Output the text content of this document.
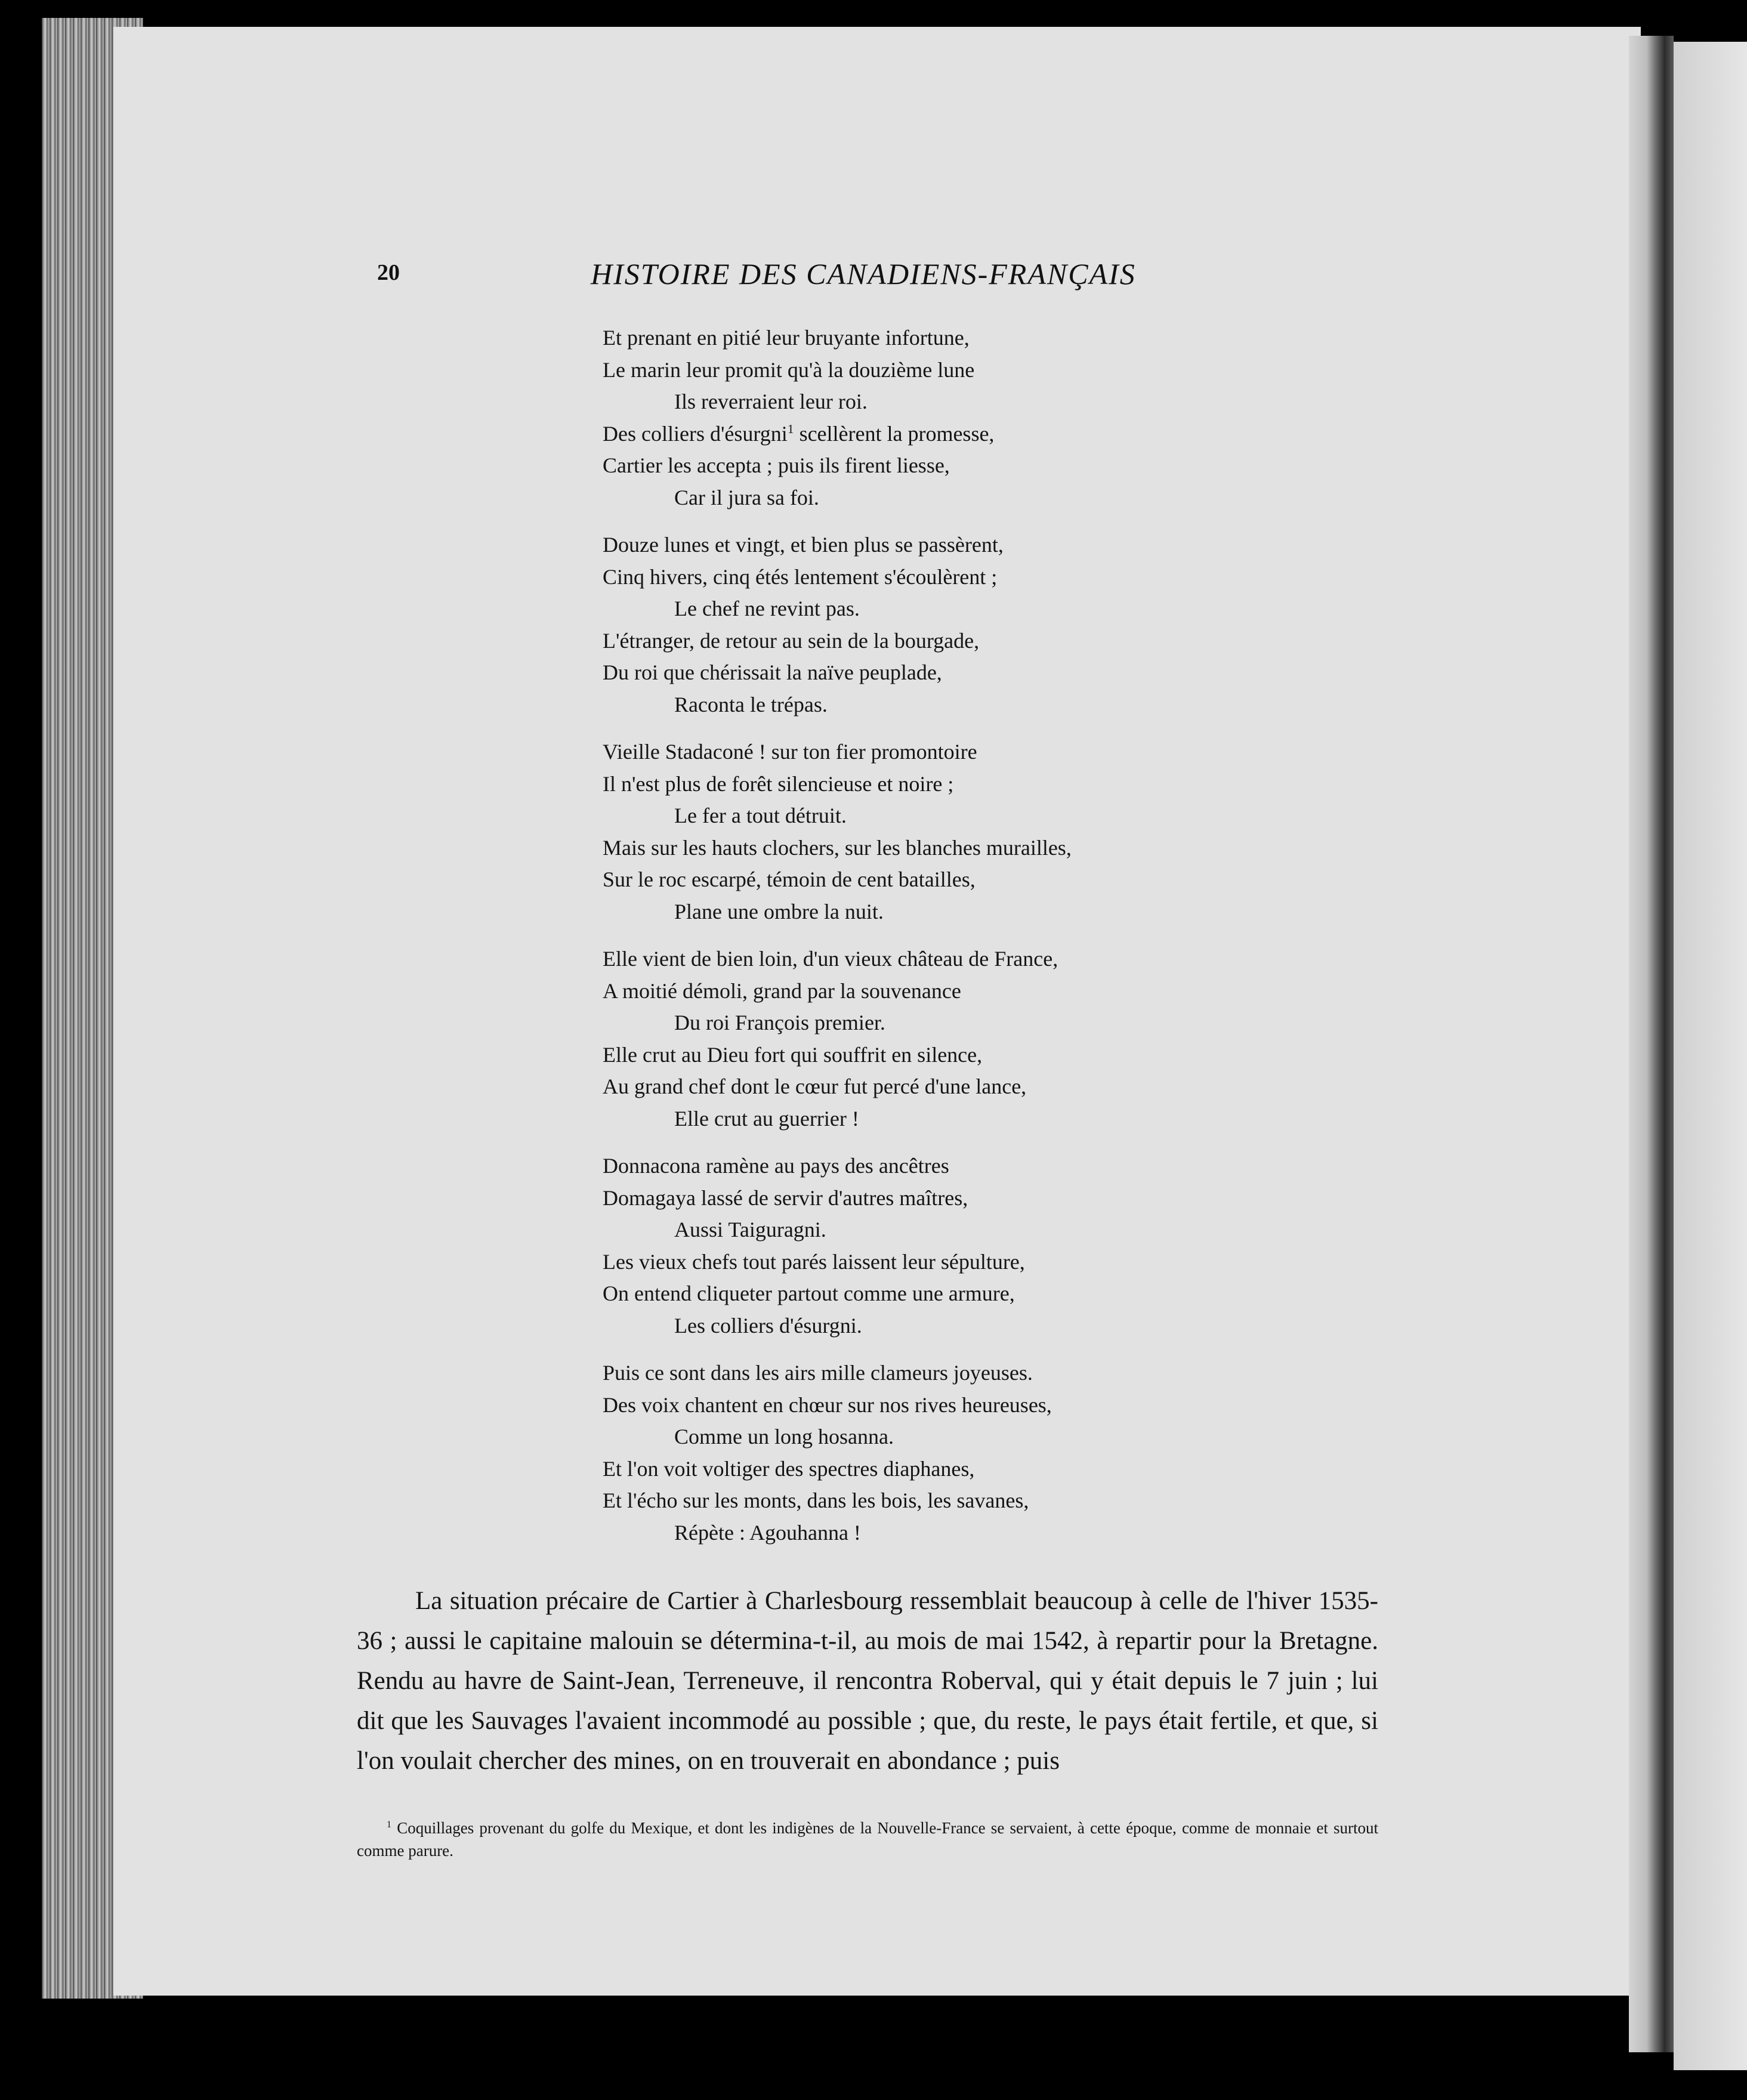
20	HISTOIRE DES CANADIENS-FRANÇAIS
Et prenant en pitié leur bruyante infortune,
Le marin leur promit qu'à la douzième lune
Ils reverraient leur roi.
Des colliers d'ésurgni$^1$ scellèrent la promesse,
Cartier les accepta ; puis ils firent liesse,
Car il jura sa foi.
Douze lunes et vingt, et bien plus se passèrent,
Cinq hivers, cinq étés lentement s'écoulèrent ;
Le chef ne revint pas.
L'étranger, de retour au sein de la bourgade,
Du roi que chérissait la naïve peuplade,
Raconta le trépas.
Vieille Stadaconé ! sur ton fier promontoire
Il n'est plus de forêt silencieuse et noire ;
Le fer a tout détruit.
Mais sur les hauts clochers, sur les blanches murailles,
Sur le roc escarpé, témoin de cent batailles,
Plane une ombre la nuit.
Elle vient de bien loin, d'un vieux château de France,
A moitié démoli, grand par la souvenance
Du roi François premier.
Elle crut au Dieu fort qui souffrit en silence,
Au grand chef dont le cœur fut percé d'une lance,
Elle crut au guerrier !
Donnacona ramène au pays des ancêtres
Domagaya lassé de servir d'autres maîtres,
Aussi Taiguragni.
Les vieux chefs tout parés laissent leur sépulture,
On entend cliqueter partout comme une armure,
Les colliers d'ésurgni.
Puis ce sont dans les airs mille clameurs joyeuses.
Des voix chantent en chœur sur nos rives heureuses,
Comme un long hosanna.
Et l'on voit voltiger des spectres diaphanes,
Et l'écho sur les monts, dans les bois, les savanes,
Répète : Agouhanna !

La situation précaire de Cartier à Charlesbourg ressemblait beaucoup à celle de l'hiver 1535-36 ; aussi le capitaine malouin se détermina-t-il, au mois de mai 1542, à repartir pour la Bretagne. Rendu au havre de Saint-Jean, Terreneuve, il rencontra Roberval, qui y était depuis le 7 juin ; lui dit que les Sauvages l'avaient incommodé au possible ; que, du reste, le pays était fertile, et que, si l'on voulait chercher des mines, on en trouverait en abondance ; puis

$^1$ Coquillages provenant du golfe du Mexique, et dont les indigènes de la Nouvelle-France se servaient, à cette époque, comme de monnaie et surtout comme parure.
